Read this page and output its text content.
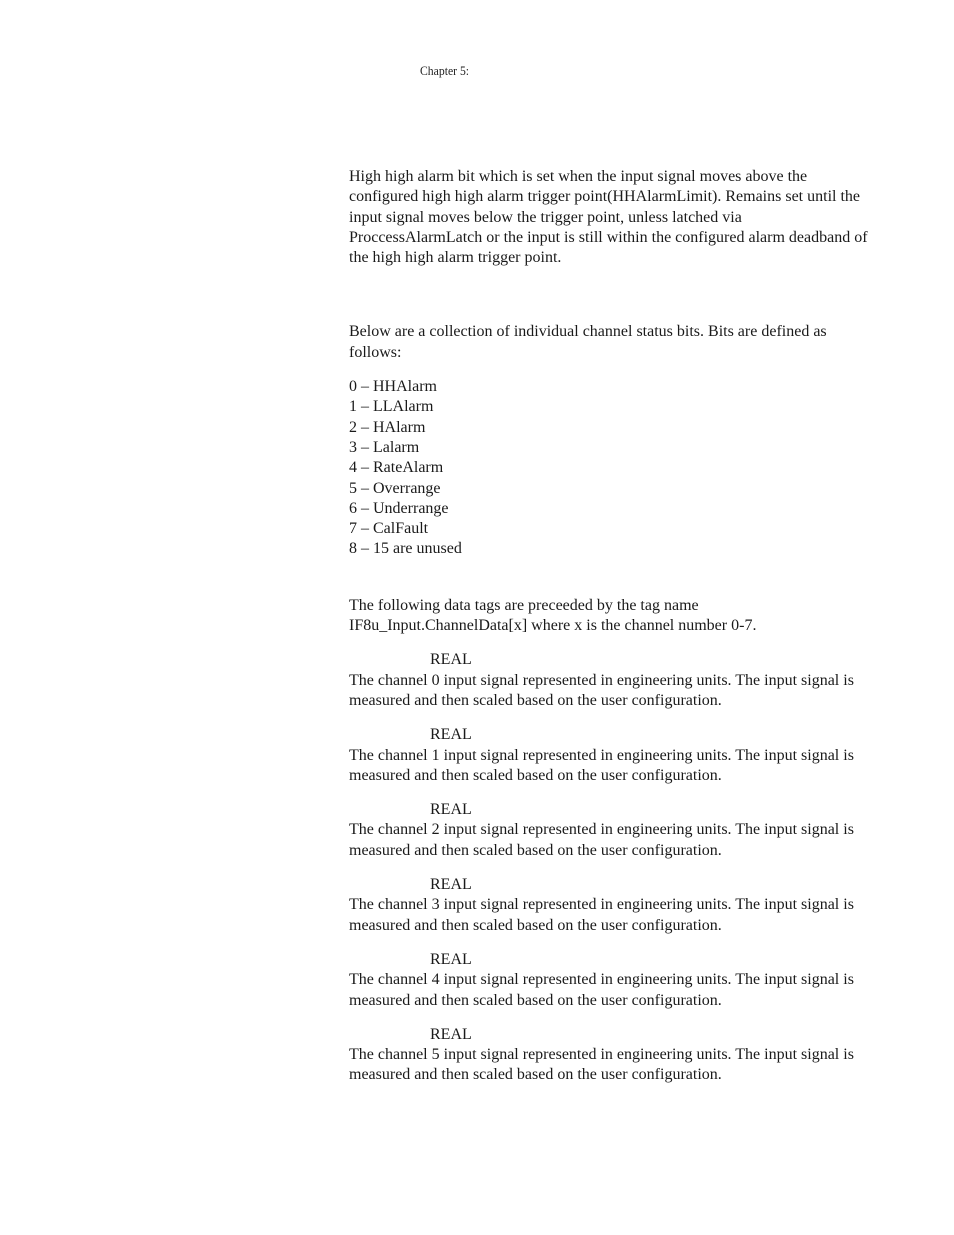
Chapter 5:

High high alarm bit which is set when the input signal moves above the configured high high alarm trigger point(HHAlarmLimit). Remains set until the input signal moves below the trigger point, unless latched via ProccessAlarmLatch or the input is still within the configured alarm deadband of the high high alarm trigger point.

Below are a collection of individual channel status bits. Bits are defined as follows:

0 – HHAlarm
1 – LLAlarm
2 – HAlarm
3 – Lalarm
4 – RateAlarm
5 – Overrange
6 – Underrange
7 – CalFault
8 – 15 are unused

The following data tags are preceeded by the tag name IF8u_Input.ChannelData[x] where x is the channel number 0-7.

REAL
The channel 0 input signal represented in engineering units. The input signal is measured and then scaled based on the user configuration.
REAL
The channel 1 input signal represented in engineering units. The input signal is measured and then scaled based on the user configuration.
REAL
The channel 2 input signal represented in engineering units. The input signal is measured and then scaled based on the user configuration.
REAL
The channel 3 input signal represented in engineering units. The input signal is measured and then scaled based on the user configuration.
REAL
The channel 4 input signal represented in engineering units. The input signal is measured and then scaled based on the user configuration.
REAL
The channel 5 input signal represented in engineering units. The input signal is measured and then scaled based on the user configuration.
